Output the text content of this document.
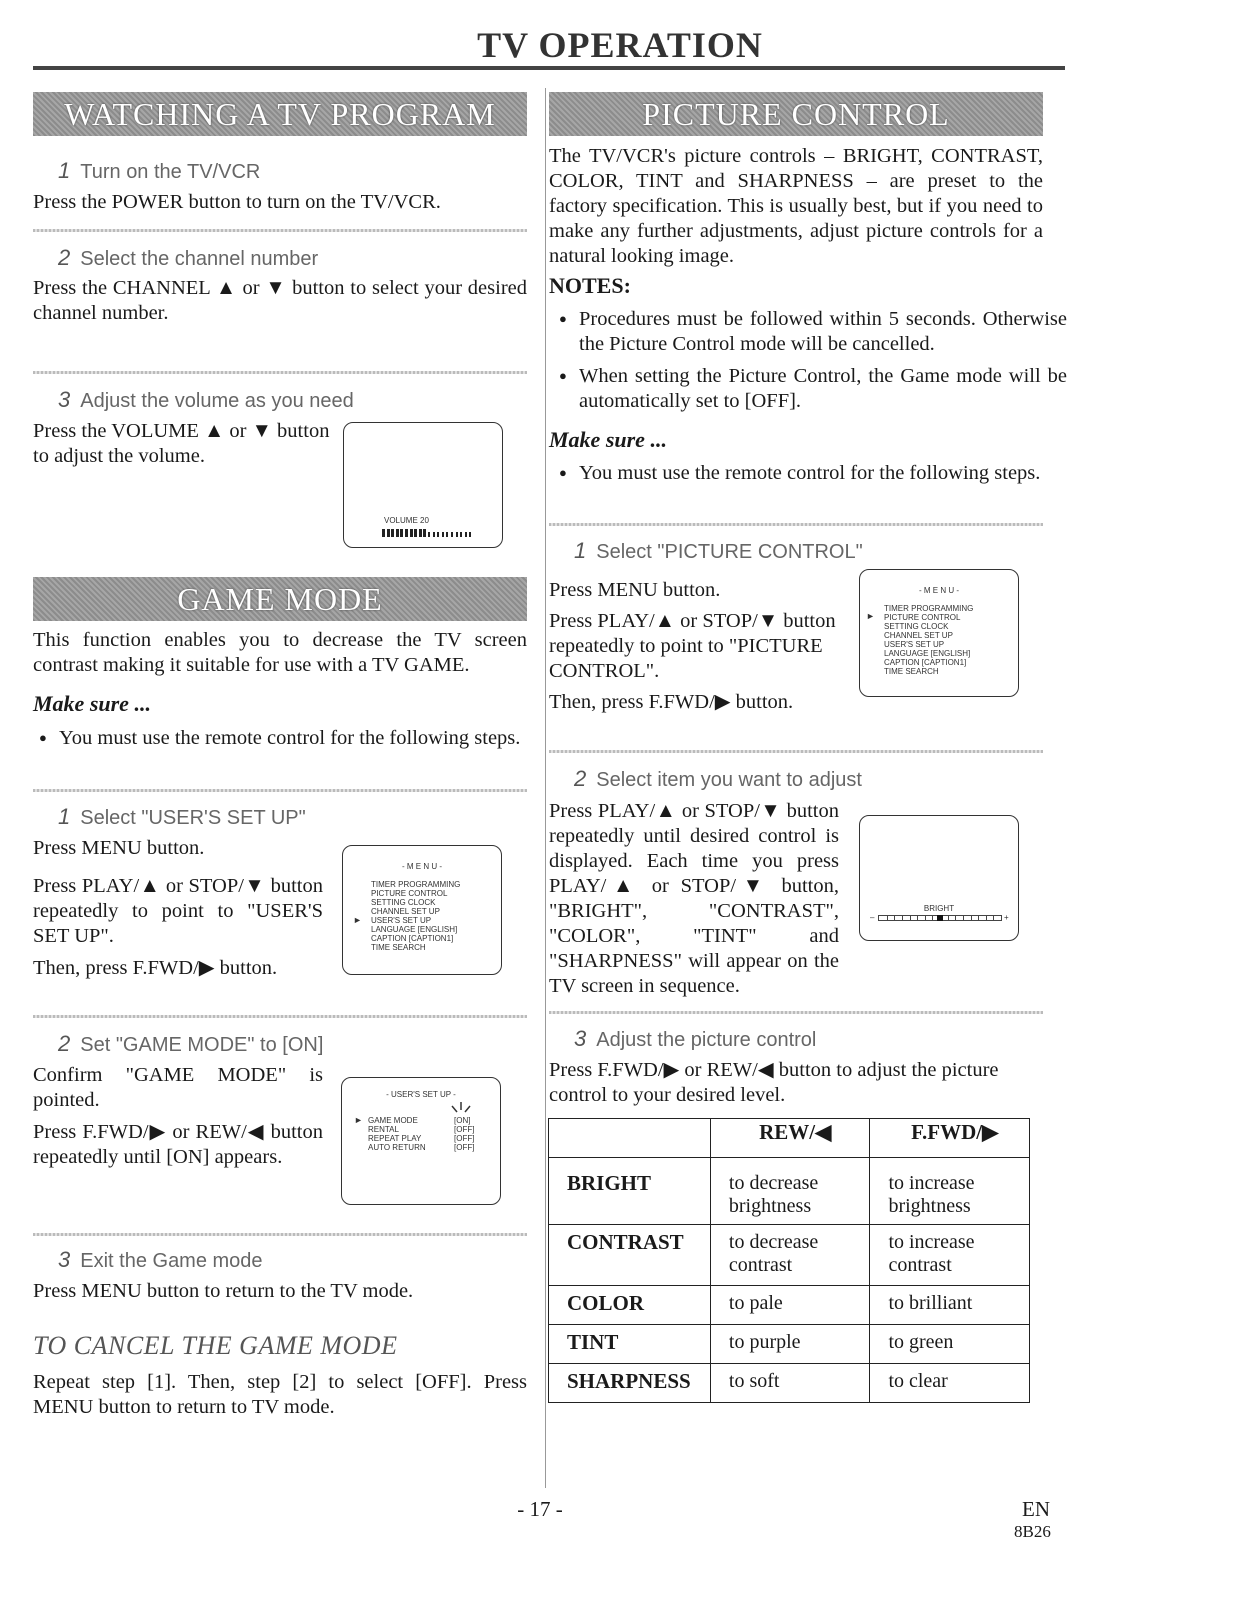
TV OPERATION
WATCHING A TV PROGRAM
1 Turn on the TV/VCR
Press the POWER button to turn on the TV/VCR.
2 Select the channel number
Press the CHANNEL ▲ or ▼ button to select your desired channel number.
3 Adjust the volume as you need
Press the VOLUME ▲ or ▼ button to adjust the volume.
VOLUME 20
GAME MODE
This function enables you to decrease the TV screen contrast making it suitable for use with a TV GAME.
Make sure ...
● You must use the remote control for the following steps.
1 Select "USER'S SET UP"
Press MENU button.
Press PLAY/▲ or STOP/▼ button repeatedly to point to "USER'S SET UP".
Then, press F.FWD/▶ button.
- M E N U -
TIMER PROGRAMMING
PICTURE CONTROL
SETTING CLOCK
CHANNEL SET UP
USER'S SET UP
LANGUAGE [ENGLISH]
CAPTION [CAPTION1]
TIME SEARCH
►
2 Set "GAME MODE" to [ON]
Confirm "GAME MODE" is pointed.
Press F.FWD/▶ or REW/◀ button repeatedly until [ON] appears.
- USER'S SET UP -
► GAME MODE
RENTAL
REPEAT PLAY
AUTO RETURN
[ON]
[OFF]
[OFF]
[OFF]
3 Exit the Game mode
Press MENU button to return to the TV mode.
TO CANCEL THE GAME MODE
Repeat step [1]. Then, step [2] to select [OFF]. Press MENU button to return to TV mode.
PICTURE CONTROL
The TV/VCR's picture controls – BRIGHT, CONTRAST, COLOR, TINT and SHARPNESS – are preset to the factory specification. This is usually best, but if you need to make any further adjustments, adjust picture controls for a natural looking image.
NOTES:
● Procedures must be followed within 5 seconds. Otherwise the Picture Control mode will be cancelled.
● When setting the Picture Control, the Game mode will be automatically set to [OFF].
Make sure ...
● You must use the remote control for the following steps.
1 Select "PICTURE CONTROL"
Press MENU button.
Press PLAY/▲ or STOP/▼ button repeatedly to point to "PICTURE CONTROL".
Then, press F.FWD/▶ button.
- M E N U -
TIMER PROGRAMMING
PICTURE CONTROL
SETTING CLOCK
CHANNEL SET UP
USER'S SET UP
LANGUAGE [ENGLISH]
CAPTION [CAPTION1]
TIME SEARCH
►
2 Select item you want to adjust
Press PLAY/▲ or STOP/▼ button repeatedly until desired control is displayed. Each time you press PLAY/▲ or STOP/▼ button, "BRIGHT", "CONTRAST", "COLOR", "TINT" and "SHARPNESS" will appear on the TV screen in sequence.
BRIGHT
–	+
3 Adjust the picture control
Press F.FWD/▶ or REW/◀ button to adjust the picture control to your desired level.
	REW/◀	F.FWD/▶
BRIGHT	to decrease brightness	to increase brightness
CONTRAST	to decrease contrast	to increase contrast
COLOR	to pale	to brilliant
TINT	to purple	to green
SHARPNESS	to soft	to clear
- 17 -	EN
8B26
